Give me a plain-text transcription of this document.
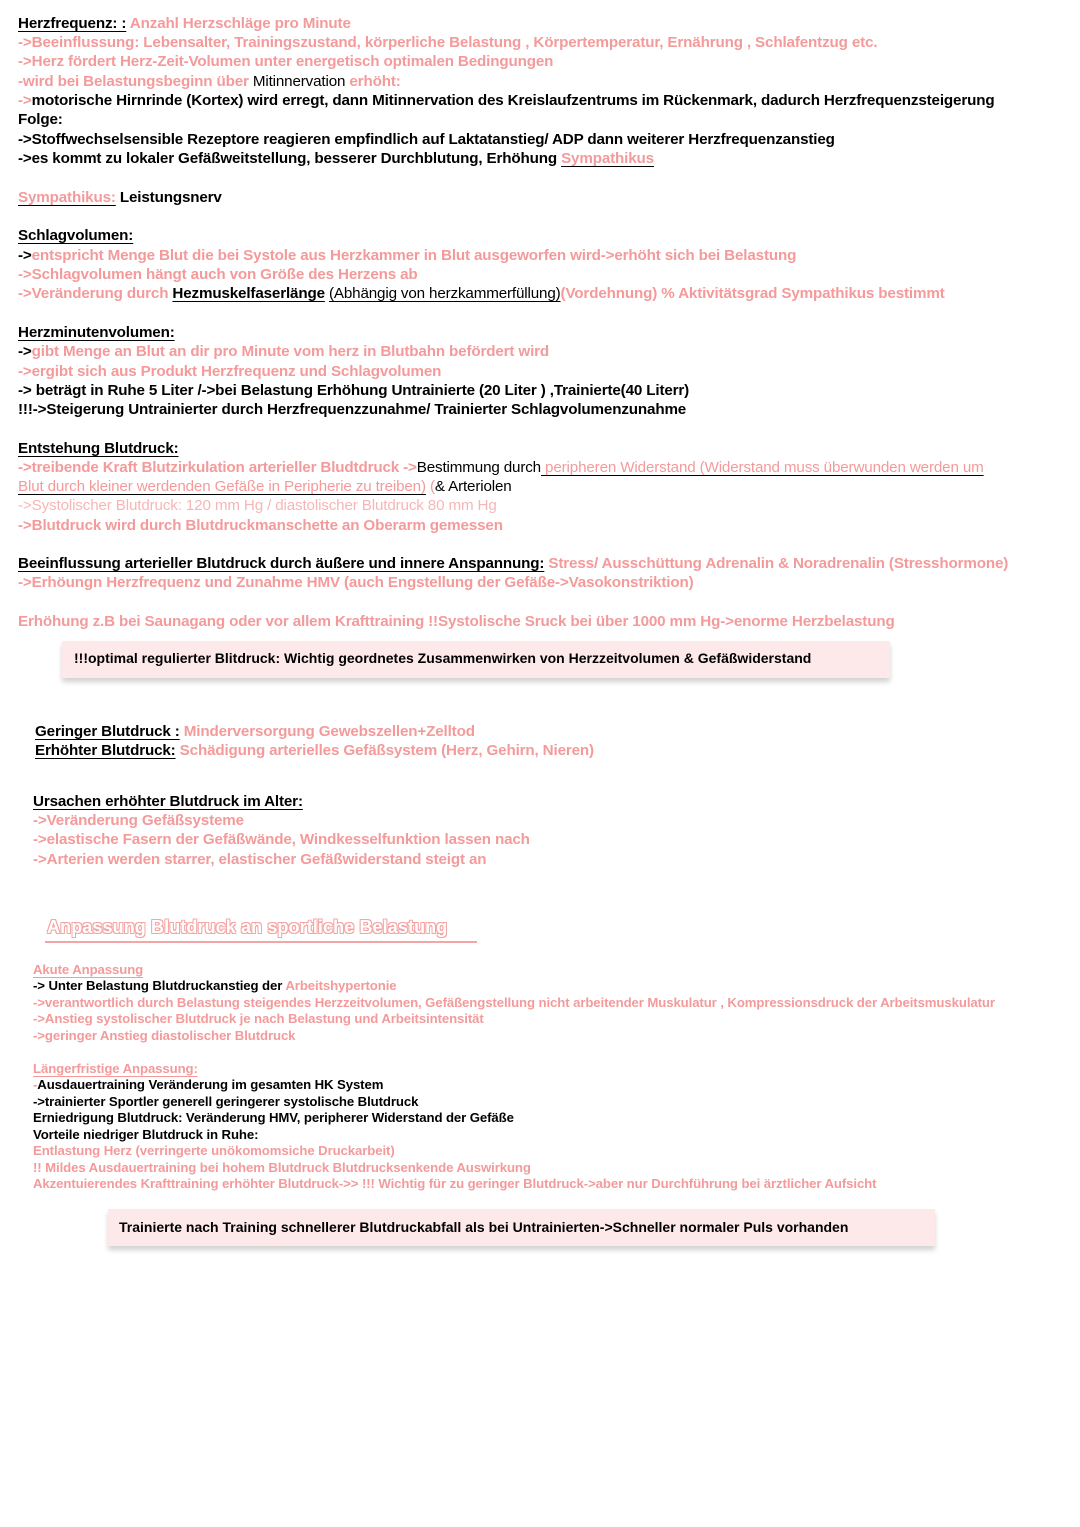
Herzfrequenz: : Anzahl Herzschläge pro Minute
->Beeinflussung: Lebensalter, Trainingszustand, körperliche Belastung , Körpertemperatur, Ernährung , Schlafentzug etc.
->Herz fördert Herz-Zeit-Volumen unter energetisch optimalen Bedingungen
-wird bei Belastungsbeginn über Mitinnervation erhöht:
->motorische Hirnrinde (Kortex) wird erregt, dann Mitinnervation des Kreislaufzentrums im Rückenmark, dadurch Herzfrequenzsteigerung
Folge:
->Stoffwechselsensible Rezeptore reagieren empfindlich auf Laktatanstieg/ ADP dann weiterer Herzfrequenzanstieg
->es kommt zu lokaler Gefäßweitstellung, besserer Durchblutung, Erhöhung Sympathikus
Sympathikus: Leistungsnerv
Schlagvolumen:
->entspricht Menge Blut die bei Systole aus Herzkammer in Blut ausgeworfen wird->erhöht sich bei Belastung
->Schlagvolumen hängt auch von Größe des Herzens ab
->Veränderung durch Hezmuskelfaserlänge (Abhängig von herzkammerfüllung)(Vordehnung) % Aktivitätsgrad Sympathikus bestimmt
Herzminutenvolumen:
->gibt Menge an Blut an dir pro Minute vom herz in Blutbahn befördert wird
->ergibt sich aus Produkt Herzfrequenz und Schlagvolumen
-> beträgt in Ruhe 5 Liter /->bei Belastung Erhöhung Untrainierte (20 Liter ) ,Trainierte(40 Literr)
!!!->Steigerung Untrainierter durch Herzfrequenzzunahme/ Trainierter Schlagvolumenzunahme
Entstehung Blutdruck:
->treibende Kraft Blutzirkulation arterieller Bludtdruck ->Bestimmung durch peripheren Widerstand (Widerstand muss überwunden werden um
Blut durch kleiner werdenden Gefäße in Peripherie zu treiben) (& Arteriolen
->Systolischer Blutdruck: 120 mm Hg / diastolischer Blutdruck 80 mm Hg
->Blutdruck wird durch Blutdruckmanschette an Oberarm gemessen
Beeinflussung arterieller Blutdruck durch äußere und innere Anspannung: Stress/ Ausschüttung Adrenalin & Noradrenalin (Stresshormone)
->Erhöungn Herzfrequenz und Zunahme HMV (auch Engstellung der Gefäße->Vasokonstriktion)
Erhöhung z.B bei Saunagang oder vor allem Krafttraining !!Systolische Sruck bei über 1000 mm Hg->enorme Herzbelastung
!!!optimal regulierter Blitdruck: Wichtig geordnetes Zusammenwirken von Herzzeitvolumen & Gefäßwiderstand
Geringer Blutdruck : Minderversorgung Gewebszellen+Zelltod
Erhöhter Blutdruck: Schädigung arterielles Gefäßsystem (Herz, Gehirn, Nieren)
Ursachen erhöhter Blutdruck im Alter:
->Veränderung Gefäßsysteme
->elastische Fasern der Gefäßwände, Windkesselfunktion lassen nach
->Arterien werden starrer, elastischer Gefäßwiderstand steigt an
Anpassung Blutdruck an sportliche Belastung
Akute Anpassung
-> Unter Belastung Blutdruckanstieg der Arbeitshypertonie
->verantwortlich durch Belastung steigendes Herzzeitvolumen, Gefäßengstellung nicht arbeitender Muskulatur , Kompressionsdruck der Arbeitsmuskulatur
->Anstieg systolischer Blutdruck je nach Belastung und Arbeitsintensität
->geringer Anstieg diastolischer Blutdruck
Längerfristige Anpassung:
-Ausdauertraining Veränderung im gesamten HK System
->trainierter Sportler generell geringerer systolische Blutdruck
Erniedrigung Blutdruck: Veränderung HMV, peripherer Widerstand der Gefäße
Vorteile niedriger Blutdruck in Ruhe:
Entlastung Herz (verringerte unökomomsiche Druckarbeit)
!! Mildes Ausdauertraining bei hohem Blutdruck Blutdrucksenkende Auswirkung
Akzentuierendes Krafttraining erhöhter Blutdruck->> !!! Wichtig für zu geringer Blutdruck->aber nur Durchführung bei ärztlicher Aufsicht
Trainierte nach Training schnellerer Blutdruckabfall als bei Untrainierten->Schneller normaler Puls vorhanden
